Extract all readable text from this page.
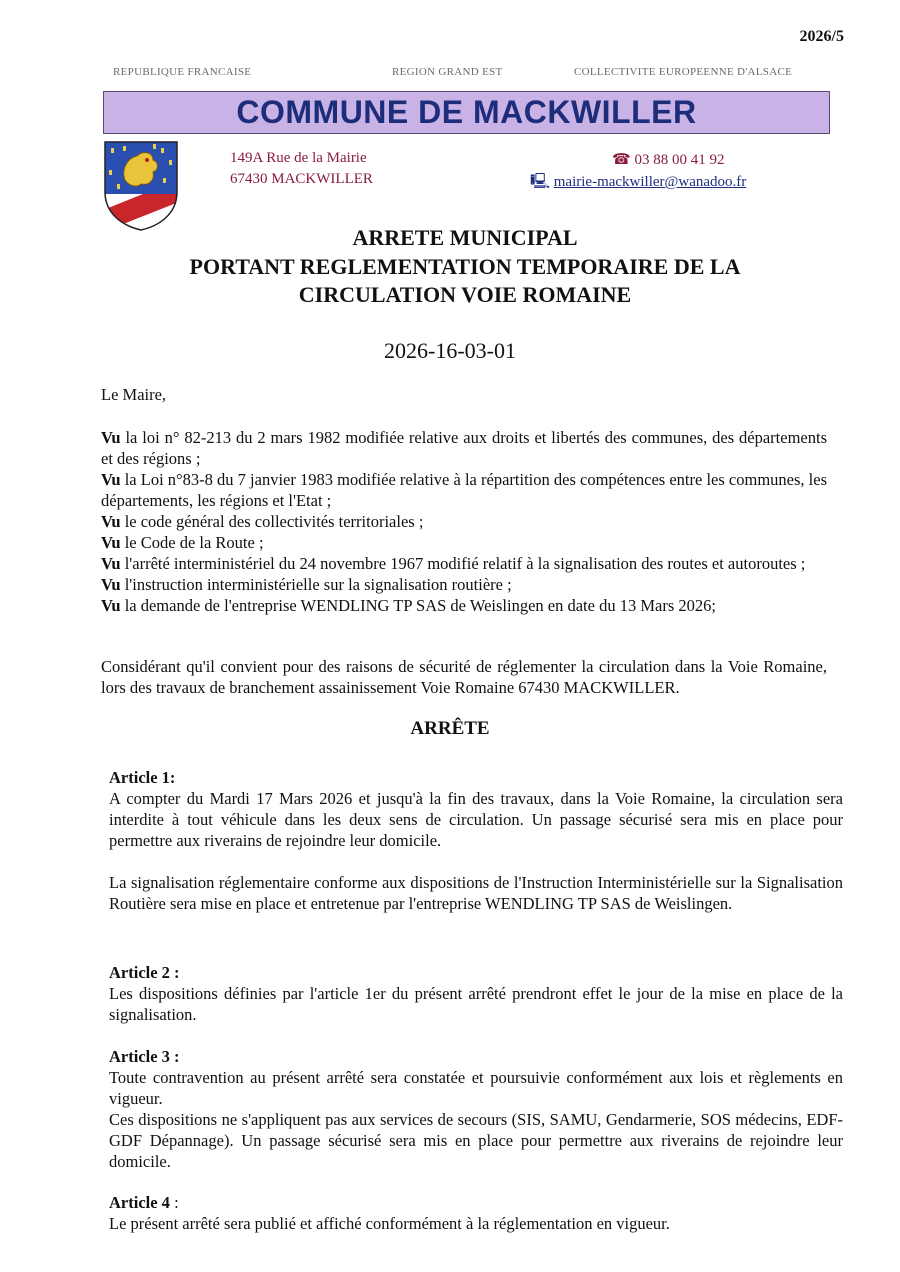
2026/5
REPUBLIQUE FRANCAISE	REGION GRAND EST	COLLECTIVITE EUROPEENNE D'ALSACE
COMMUNE DE MACKWILLER
149A Rue de la Mairie
67430 MACKWILLER
☎ 03 88 00 41 92
🖳 mairie-mackwiller@wanadoo.fr
ARRETE MUNICIPAL
PORTANT REGLEMENTATION TEMPORAIRE DE LA
CIRCULATION VOIE ROMAINE
2026-16-03-01
Le Maire,
Vu la loi n° 82-213 du 2 mars 1982 modifiée relative aux droits et libertés des communes, des départements et des régions ;
Vu la Loi n°83-8 du 7 janvier 1983 modifiée relative à la répartition des compétences entre les communes, les départements, les régions et l'Etat ;
Vu le code général des collectivités territoriales ;
Vu le Code de la Route ;
Vu l'arrêté interministériel du 24 novembre 1967 modifié relatif à la signalisation des routes et autoroutes ;
Vu l'instruction interministérielle sur la signalisation routière ;
Vu la demande de l'entreprise WENDLING TP SAS de Weislingen en date du 13 Mars 2026;
Considérant qu'il convient pour des raisons de sécurité de réglementer la circulation dans la Voie Romaine, lors des travaux de branchement assainissement Voie Romaine 67430 MACKWILLER.
ARRÊTE
Article 1:
A compter du Mardi 17 Mars 2026 et jusqu'à la fin des travaux, dans la Voie Romaine, la circulation sera interdite à tout véhicule dans les deux sens de circulation. Un passage sécurisé sera mis en place pour permettre aux riverains de rejoindre leur domicile.
La signalisation réglementaire conforme aux dispositions de l'Instruction Interministérielle sur la Signalisation Routière sera mise en place et entretenue par l'entreprise WENDLING TP SAS de Weislingen.
Article 2 :
Les dispositions définies par l'article 1er du présent arrêté prendront effet le jour de la mise en place de la signalisation.
Article 3 :
Toute contravention au présent arrêté sera constatée et poursuivie conformément aux lois et règlements en vigueur.
Ces dispositions ne s'appliquent pas aux services de secours (SIS, SAMU, Gendarmerie, SOS médecins, EDF-GDF Dépannage). Un passage sécurisé sera mis en place pour permettre aux riverains de rejoindre leur domicile.
Article 4 :
Le présent arrêté sera publié et affiché conformément à la réglementation en vigueur.
